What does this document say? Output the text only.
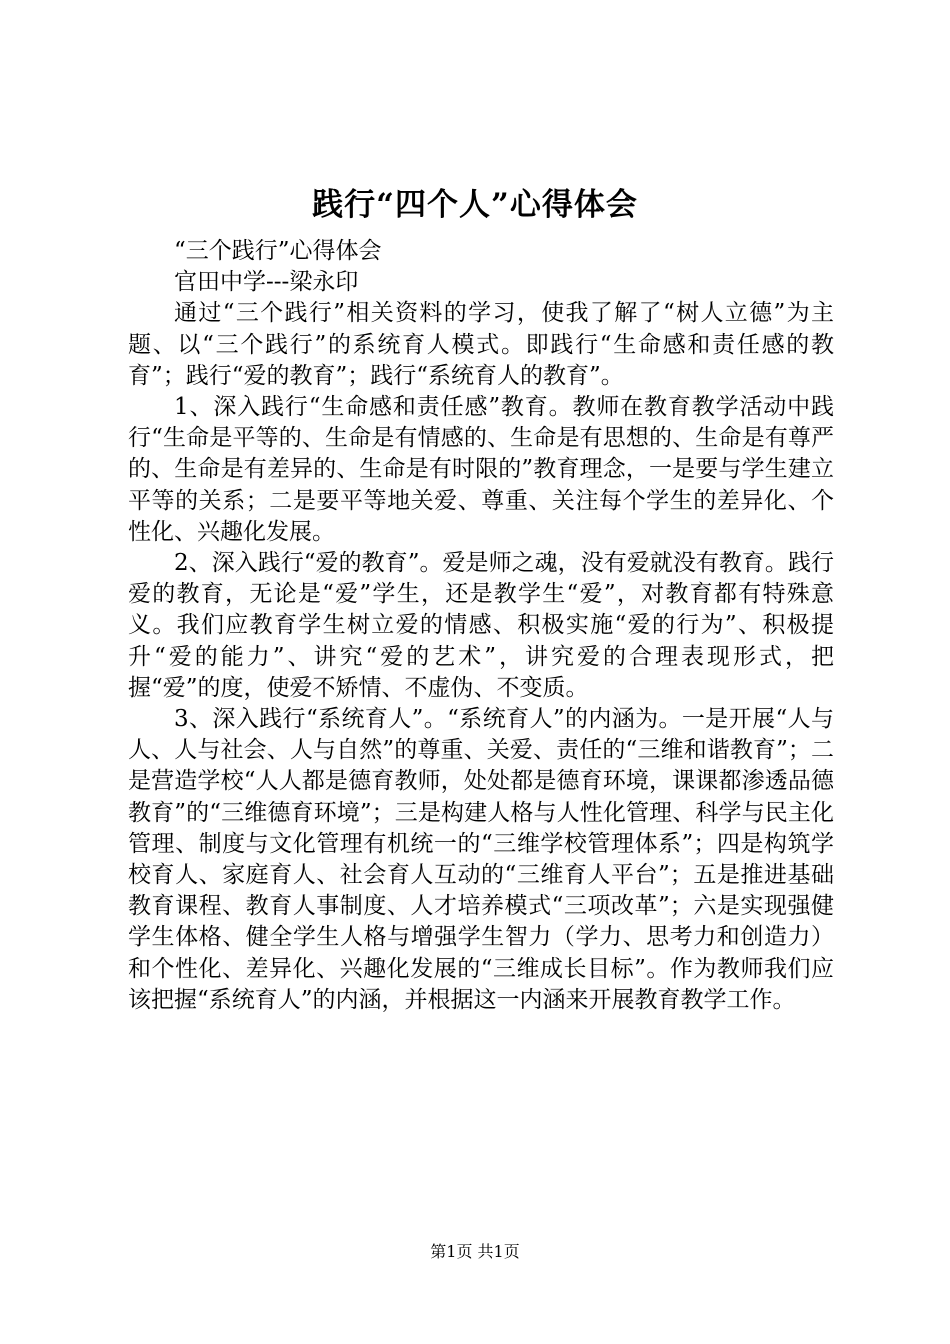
践行“四个人”心得体会

“三个践行”心得体会

官田中学---梁永印

通过“三个践行”相关资料的学习，使我了解了“树人立德”为主题、以“三个践行”的系统育人模式。即践行“生命感和责任感的教育”；践行“爱的教育”；践行“系统育人的教育”。

1、深入践行“生命感和责任感”教育。教师在教育教学活动中践行“生命是平等的、生命是有情感的、生命是有思想的、生命是有尊严的、生命是有差异的、生命是有时限的”教育理念，一是要与学生建立平等的关系；二是要平等地关爱、尊重、关注每个学生的差异化、个性化、兴趣化发展。

2、深入践行“爱的教育”。爱是师之魂，没有爱就没有教育。践行爱的教育，无论是“爱”学生，还是教学生“爱”，对教育都有特殊意义。我们应教育学生树立爱的情感、积极实施“爱的行为”、积极提升“爱的能力”、讲究“爱的艺术”，讲究爱的合理表现形式，把握“爱”的度，使爱不矫情、不虚伪、不变质。

3、深入践行“系统育人”。“系统育人”的内涵为。一是开展“人与人、人与社会、人与自然”的尊重、关爱、责任的“三维和谐教育”；二是营造学校“人人都是德育教师，处处都是德育环境，课课都渗透品德教育”的“三维德育环境”；三是构建人格与人性化管理、科学与民主化管理、制度与文化管理有机统一的“三维学校管理体系”；四是构筑学校育人、家庭育人、社会育人互动的“三维育人平台”；五是推进基础教育课程、教育人事制度、人才培养模式“三项改革”；六是实现强健学生体格、健全学生人格与增强学生智力（学力、思考力和创造力）和个性化、差异化、兴趣化发展的“三维成长目标”。作为教师我们应该把握“系统育人”的内涵，并根据这一内涵来开展教育教学工作。

第1页 共1页
